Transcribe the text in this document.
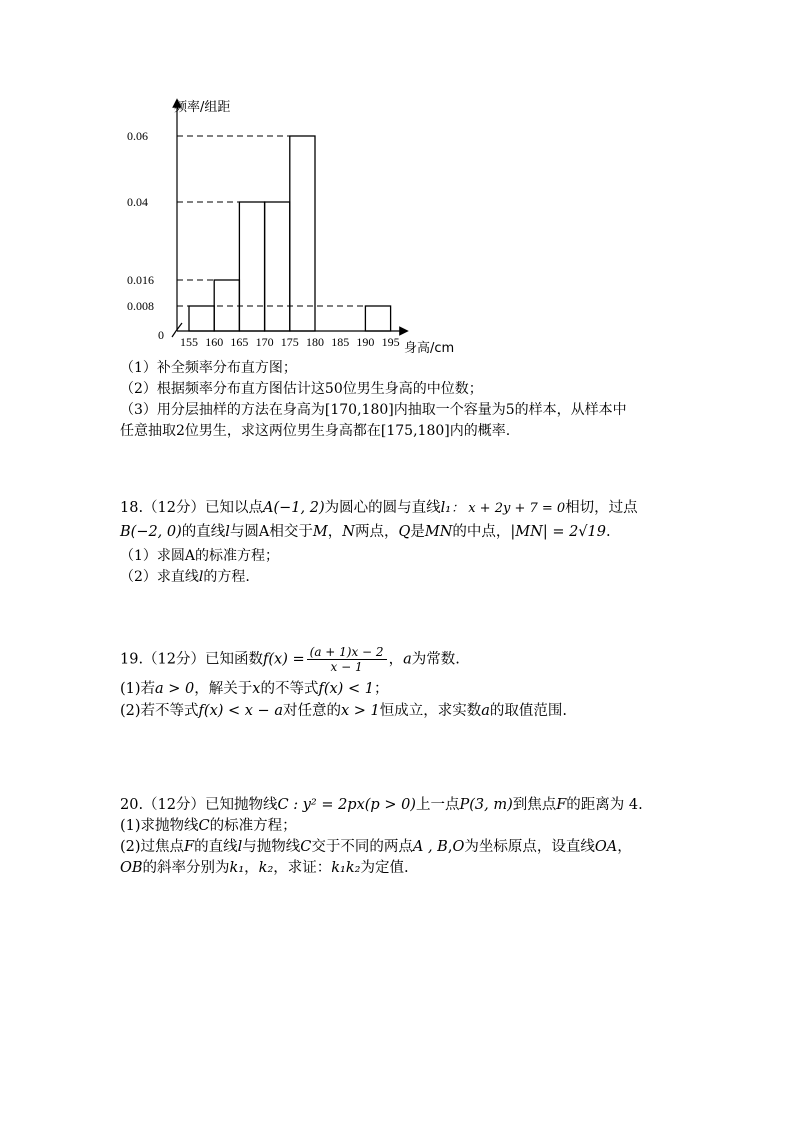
频率/组距
身高/cm
0
0.06
0.04
0.016
0.008
155 160 165 170 175 180 185 190 195
（1）补全频率分布直方图；
（2）根据频率分布直方图估计这50位男生身高的中位数；
（3）用分层抽样的方法在身高为[170,180]内抽取一个容量为5的样本，从样本中
任意抽取2位男生，求这两位男生身高都在[175,180]内的概率.
18.（12分）已知以点A(−1, 2)为圆心的圆与直线l₁： x + 2y + 7 = 0相切，过点
B(−2, 0)的直线l与圆A相交于M，N两点，Q是MN的中点，|MN| = 2√19.
（1）求圆A的标准方程；
（2）求直线l的方程.
19.（12分）已知函数$f(x) = \frac{(a + 1)x - 2}{x - 1}$ ，a为常数.
(1)若a > 0，解关于x的不等式f(x) < 1；
(2)若不等式f(x) < x − a对任意的x > 1恒成立，求实数a的取值范围.
20.（12分）已知抛物线C : y² = 2px(p > 0)上一点P(3, m)到焦点F的距离为 4.
(1)求抛物线C的标准方程；
(2)过焦点F的直线l与抛物线C交于不同的两点A , B,O为坐标原点，设直线OA，
OB的斜率分别为k₁，k₂，求证：k₁k₂为定值.
